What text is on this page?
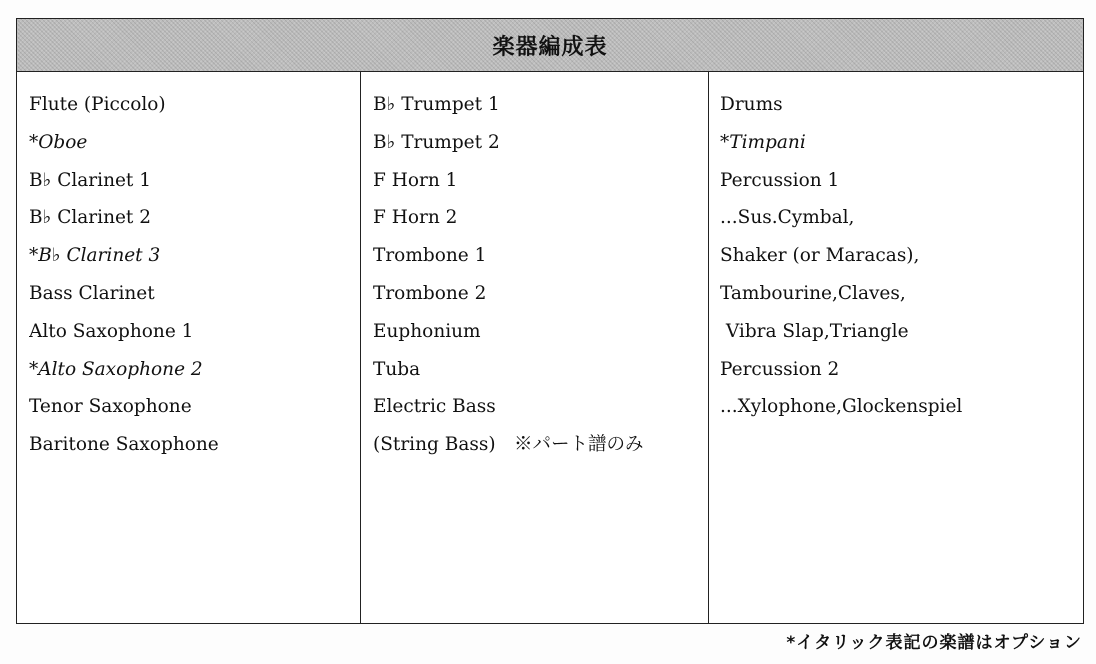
楽器編成表
Flute (Piccolo)
*Oboe
B♭ Clarinet 1
B♭ Clarinet 2
*B♭ Clarinet 3
Bass Clarinet
Alto Saxophone 1
*Alto Saxophone 2
Tenor Saxophone
Baritone Saxophone
B♭ Trumpet 1
B♭ Trumpet 2
F Horn 1
F Horn 2
Trombone 1
Trombone 2
Euphonium
Tuba
Electric Bass
(String Bass)　※パート譜のみ
Drums
*Timpani
Percussion 1
...Sus.Cymbal,
Shaker (or Maracas),
Tambourine,Claves,
Vibra Slap,Triangle
Percussion 2
...Xylophone,Glockenspiel
*イタリック表記の楽譜はオプション
